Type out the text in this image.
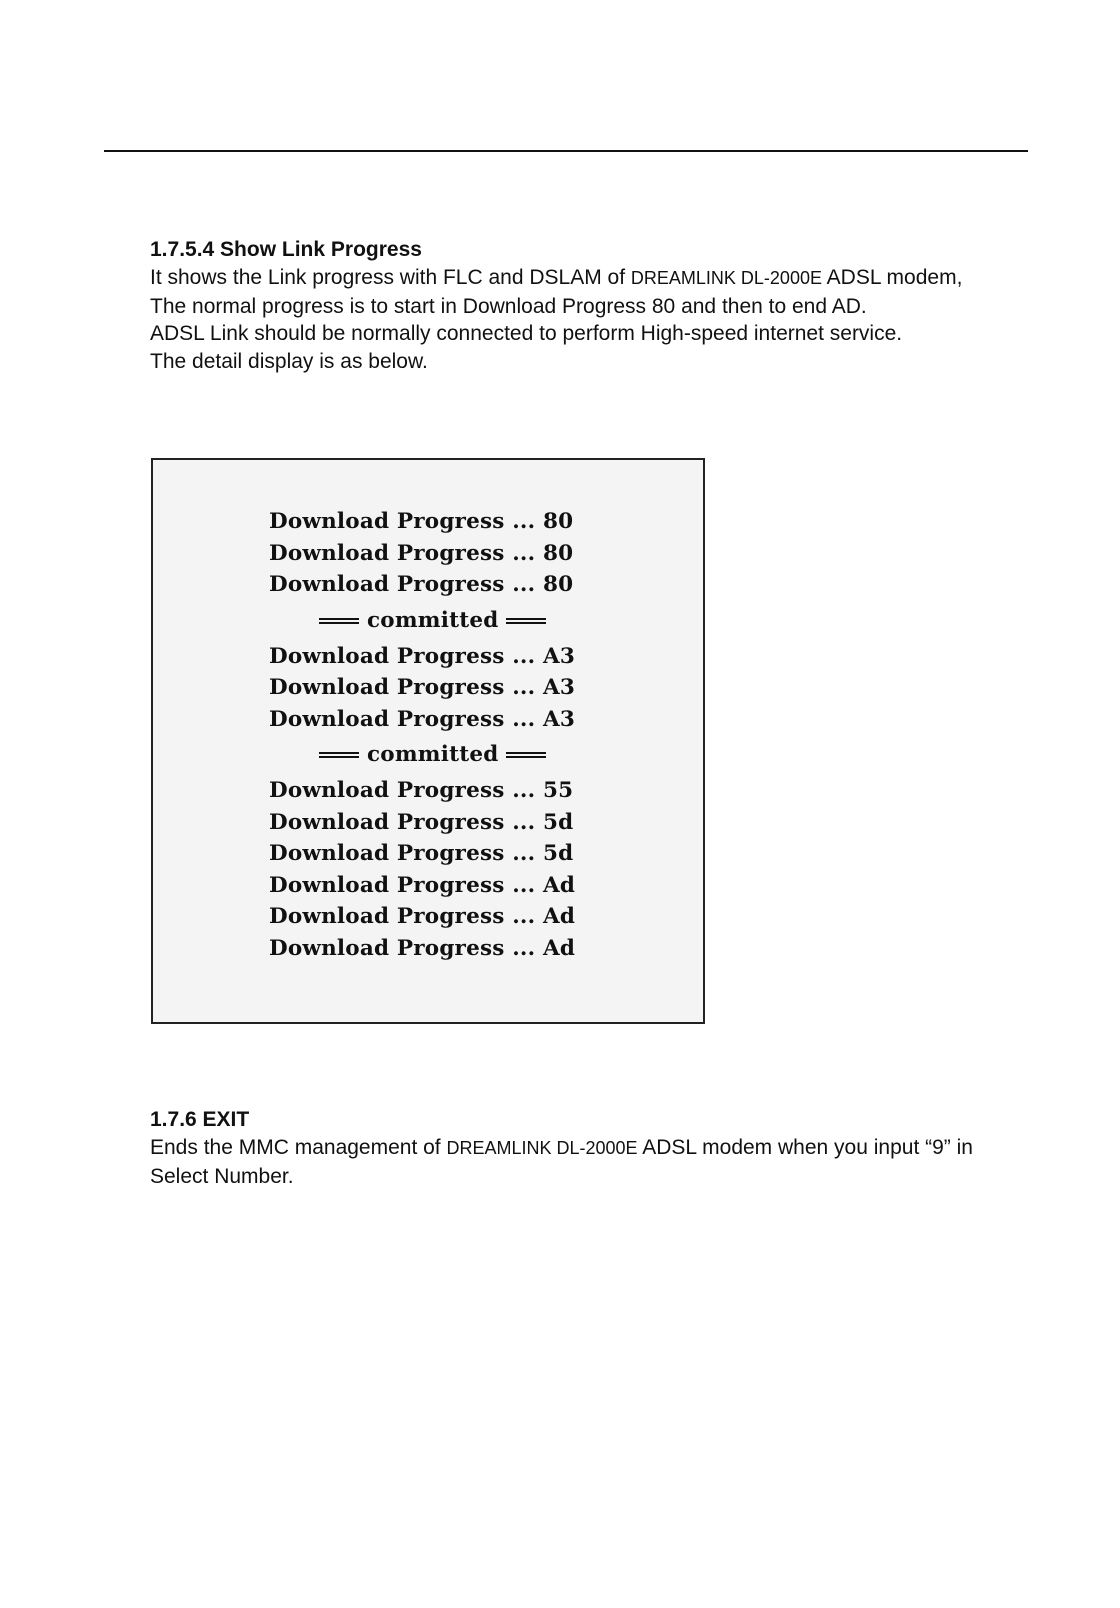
1.7.5.4 Show Link Progress

It shows the Link progress with FLC and DSLAM of DREAMLINK DL-2000E ADSL modem,

The normal progress is to start in Download Progress 80 and then to end AD.

ADSL Link should be normally connected to perform High-speed internet service.

The detail display is as below.

Download Progress ... 80
Download Progress ... 80
Download Progress ... 80
committed
Download Progress ... A3
Download Progress ... A3
Download Progress ... A3
committed
Download Progress ... 55
Download Progress ... 5d
Download Progress ... 5d
Download Progress ... Ad
Download Progress ... Ad
Download Progress ... Ad

1.7.6 EXIT

Ends the MMC management of DREAMLINK DL-2000E ADSL modem when you input “9” in Select Number.
